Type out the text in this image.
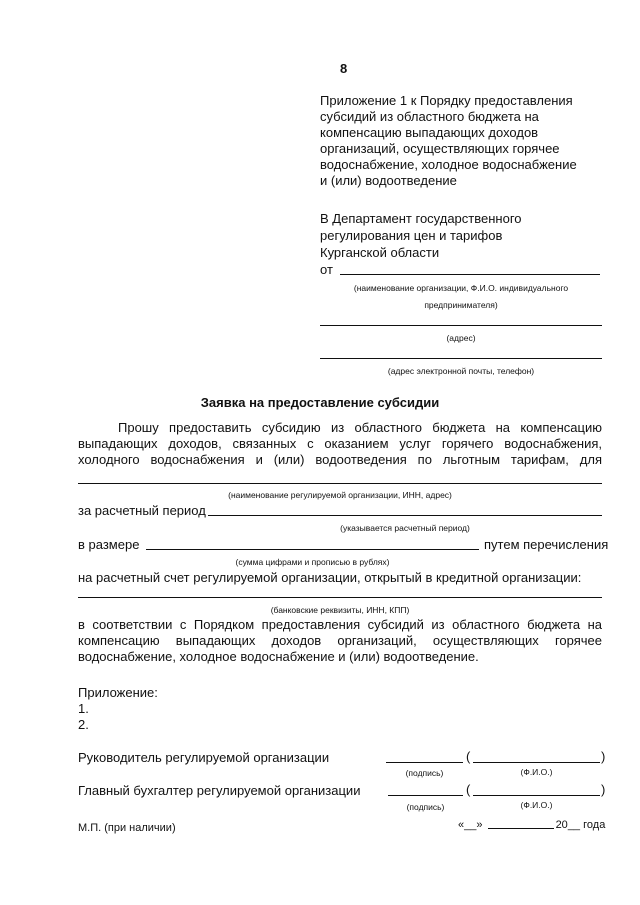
8
Приложение 1 к Порядку предоставления
субсидий из областного бюджета на
компенсацию выпадающих доходов
организаций, осуществляющих горячее
водоснабжение, холодное водоснабжение
и (или) водоотведение
В Департамент государственного
регулирования цен и тарифов
Курганской области
от
(наименование организации, Ф.И.О. индивидуального
предпринимателя)
(адрес)
(адрес электронной почты, телефон)
Заявка на предоставление субсидии
Прошу предоставить субсидию из областного бюджета на компенсацию
выпадающих доходов, связанных с оказанием услуг горячего водоснабжения,
холодного водоснабжения и (или) водоотведения по льготным тарифам, для
(наименование регулируемой организации, ИНН, адрес)
за расчетный период
(указывается расчетный период)
в размере	путем перечисления
(сумма цифрами и прописью в рублях)
на расчетный счет регулируемой организации, открытый в кредитной организации:
(банковские реквизиты, ИНН, КПП)
в соответствии с Порядком предоставления субсидий из областного бюджета на
компенсацию выпадающих доходов организаций, осуществляющих горячее
водоснабжение, холодное водоснабжение и (или) водоотведение.
Приложение:
1.
2.
Руководитель регулируемой организации	(	)
(подпись)	(Ф.И.О.)
Главный бухгалтер регулируемой организации	(	)
(подпись)	(Ф.И.О.)
М.П. (при наличии)	«__»	20__ года
